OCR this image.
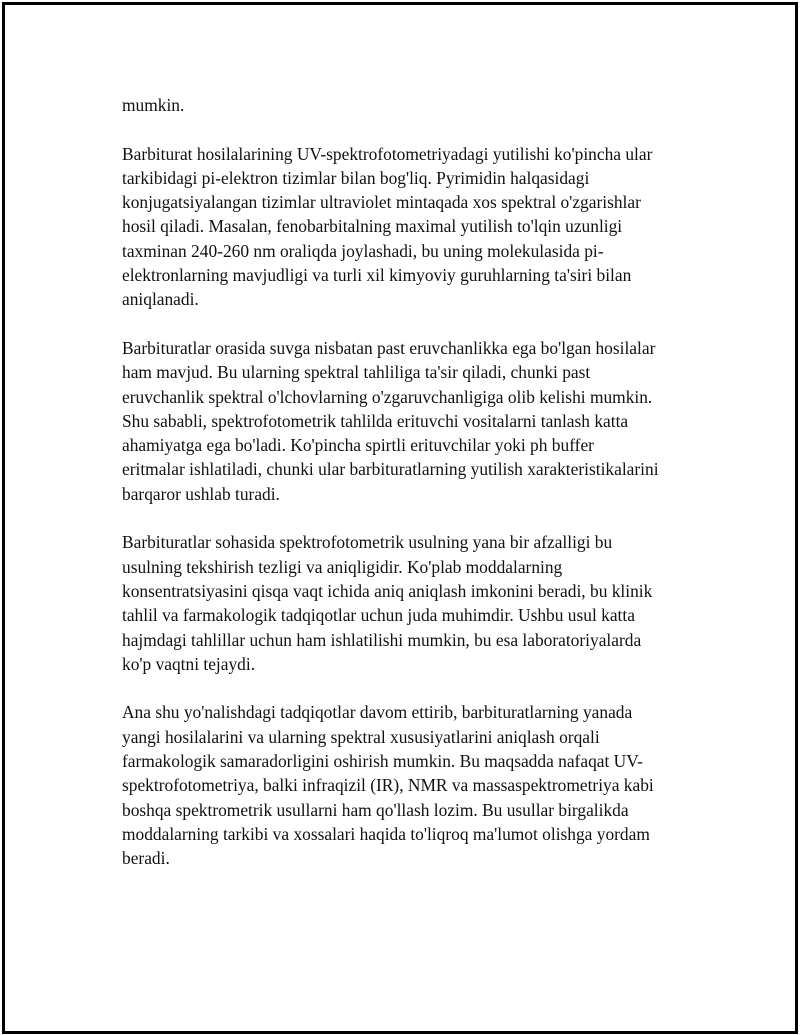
mumkin.

Barbiturat hosilalarining UV-spektrofotometriyadagi yutilishi ko'pincha ular
tarkibidagi pi-elektron tizimlar bilan bog'liq. Pyrimidin halqasidagi
konjugatsiyalangan tizimlar ultraviolet mintaqada xos spektral o'zgarishlar
hosil qiladi. Masalan, fenobarbitalning maximal yutilish to'lqin uzunligi
taxminan 240-260 nm oraliqda joylashadi, bu uning molekulasida pi-
elektronlarning mavjudligi va turli xil kimyoviy guruhlarning ta'siri bilan
aniqlanadi.

Barbituratlar orasida suvga nisbatan past eruvchanlikka ega bo'lgan hosilalar
ham mavjud. Bu ularning spektral tahliliga ta'sir qiladi, chunki past
eruvchanlik spektral o'lchovlarning o'zgaruvchanligiga olib kelishi mumkin.
Shu sababli, spektrofotometrik tahlilda erituvchi vositalarni tanlash katta
ahamiyatga ega bo'ladi. Ko'pincha spirtli erituvchilar yoki ph buffer
eritmalar ishlatiladi, chunki ular barbituratlarning yutilish xarakteristikalarini
barqaror ushlab turadi.

Barbituratlar sohasida spektrofotometrik usulning yana bir afzalligi bu
usulning tekshirish tezligi va aniqligidir. Ko'plab moddalarning
konsentratsiyasini qisqa vaqt ichida aniq aniqlash imkonini beradi, bu klinik
tahlil va farmakologik tadqiqotlar uchun juda muhimdir. Ushbu usul katta
hajmdagi tahlillar uchun ham ishlatilishi mumkin, bu esa laboratoriyalarda
ko'p vaqtni tejaydi.

Ana shu yo'nalishdagi tadqiqotlar davom ettirib, barbituratlarning yanada
yangi hosilalarini va ularning spektral xususiyatlarini aniqlash orqali
farmakologik samaradorligini oshirish mumkin. Bu maqsadda nafaqat UV-
spektrofotometriya, balki infraqizil (IR), NMR va massaspektrometriya kabi
boshqa spektrometrik usullarni ham qo'llash lozim. Bu usullar birgalikda
moddalarning tarkibi va xossalari haqida to'liqroq ma'lumot olishga yordam
beradi.
